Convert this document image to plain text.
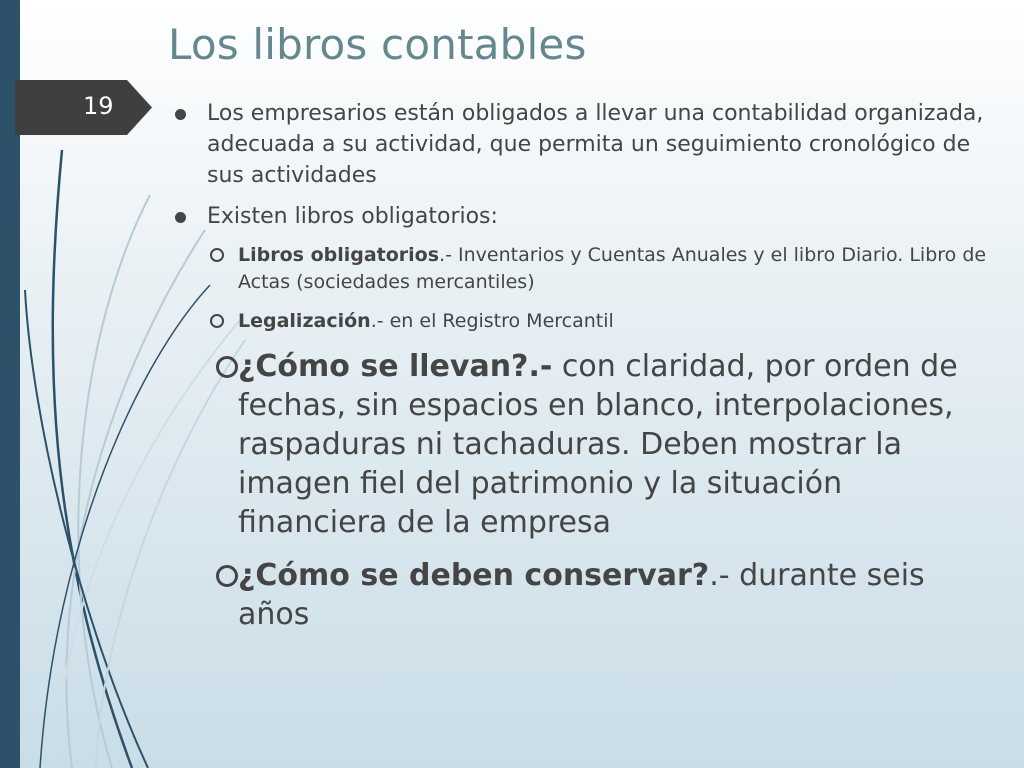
Los libros contables
19	Los empresarios están obligados a llevar una contabilidad organizada, adecuada a su actividad, que permita un seguimiento cronológico de sus actividades
Existen libros obligatorios:
Libros obligatorios.- Inventarios y Cuentas Anuales y el libro Diario. Libro de Actas (sociedades mercantiles)
Legalización.- en el Registro Mercantil
¿Cómo se llevan?.- con claridad, por orden de fechas, sin espacios en blanco, interpolaciones, raspaduras ni tachaduras. Deben mostrar la imagen fiel del patrimonio y la situación financiera de la empresa
¿Cómo se deben conservar?.- durante seis años
